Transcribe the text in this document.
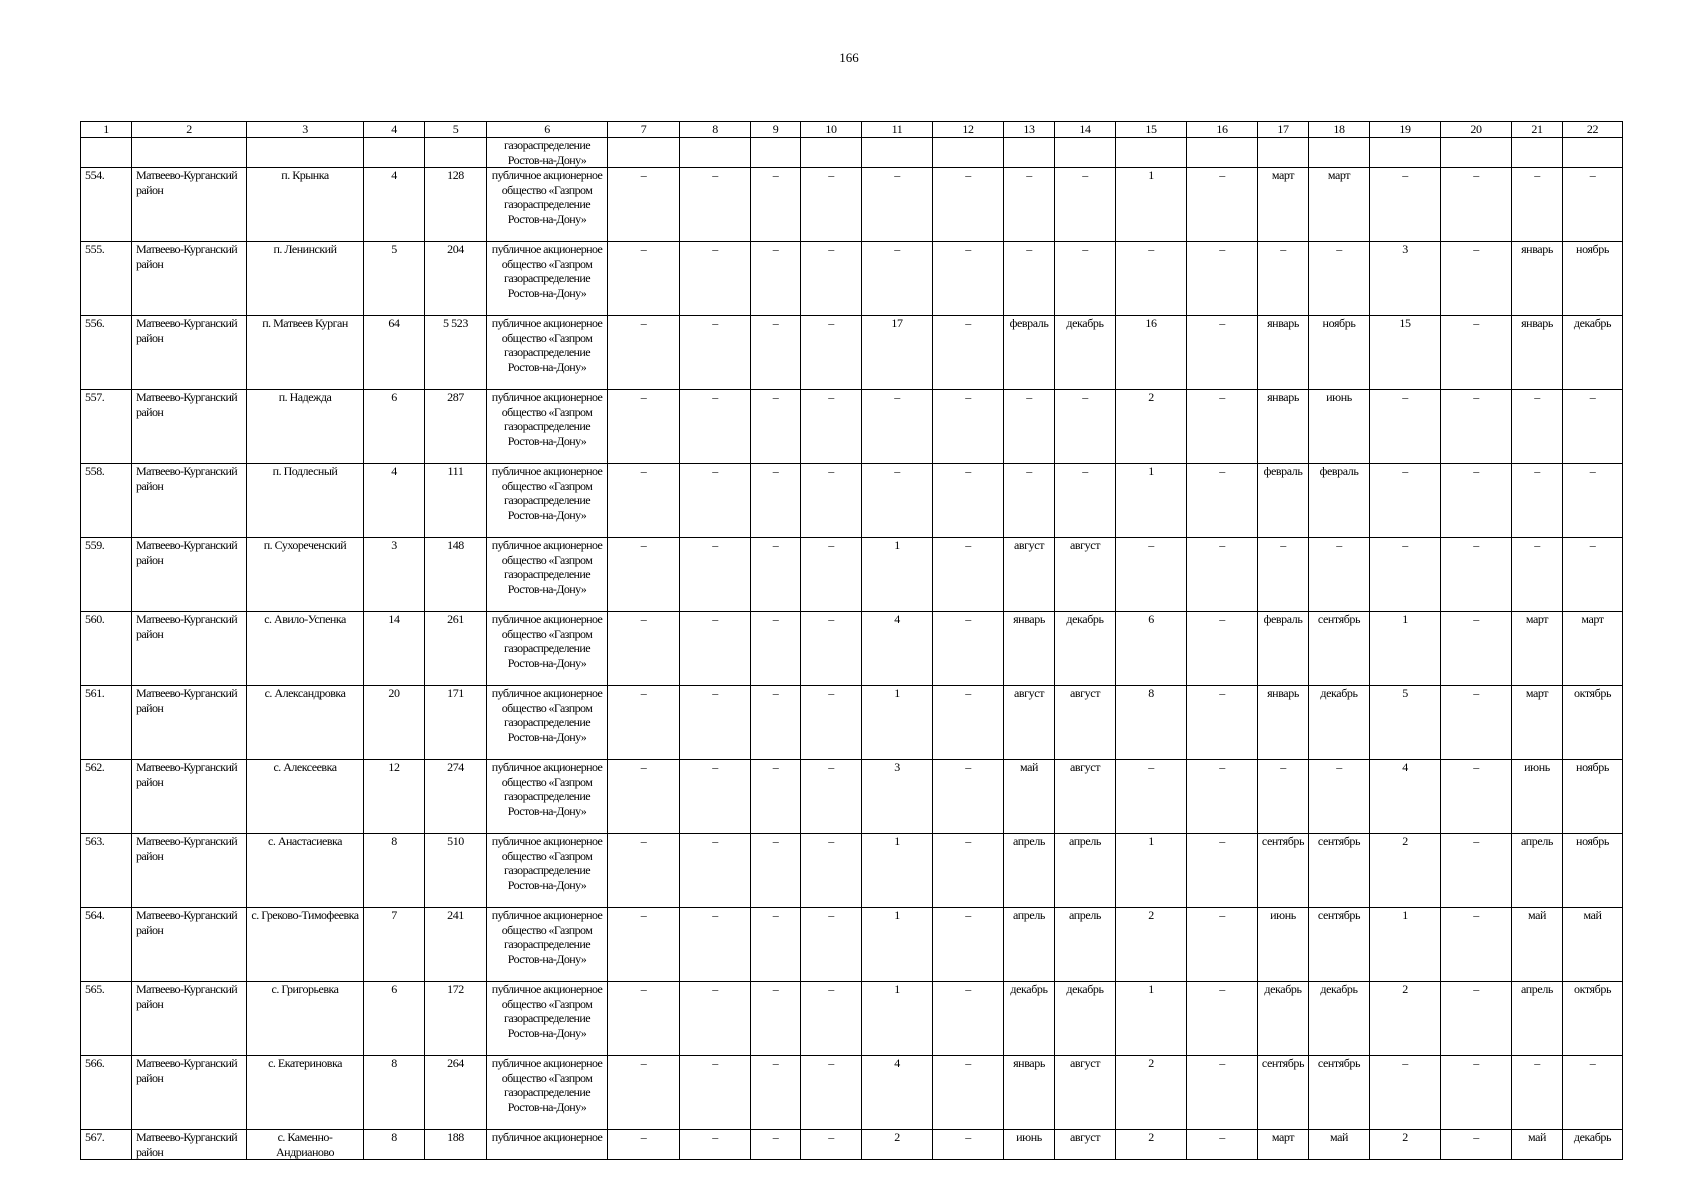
166
1	2	3	4	5	6	7	8	9	10	11	12	13	14	15	16	17	18	19	20	21	22
					газораспределение Ростов-на-Дону»																
554.	Матвеево-Курганский район	п. Крынка	4	128	публичное акционерное общество «Газпром газораспределение Ростов-на-Дону»	–	–	–	–	–	–	–	–	1	–	март	март	–	–	–	–
555.	Матвеево-Курганский район	п. Ленинский	5	204	публичное акционерное общество «Газпром газораспределение Ростов-на-Дону»	–	–	–	–	–	–	–	–	–	–	–	–	3	–	январь	ноябрь
556.	Матвеево-Курганский район	п. Матвеев Курган	64	5 523	публичное акционерное общество «Газпром газораспределение Ростов-на-Дону»	–	–	–	–	17	–	февраль	декабрь	16	–	январь	ноябрь	15	–	январь	декабрь
557.	Матвеево-Курганский район	п. Надежда	6	287	публичное акционерное общество «Газпром газораспределение Ростов-на-Дону»	–	–	–	–	–	–	–	–	2	–	январь	июнь	–	–	–	–
558.	Матвеево-Курганский район	п. Подлесный	4	111	публичное акционерное общество «Газпром газораспределение Ростов-на-Дону»	–	–	–	–	–	–	–	–	1	–	февраль	февраль	–	–	–	–
559.	Матвеево-Курганский район	п. Сухореченский	3	148	публичное акционерное общество «Газпром газораспределение Ростов-на-Дону»	–	–	–	–	1	–	август	август	–	–	–	–	–	–	–	–
560.	Матвеево-Курганский район	с. Авило-Успенка	14	261	публичное акционерное общество «Газпром газораспределение Ростов-на-Дону»	–	–	–	–	4	–	январь	декабрь	6	–	февраль	сентябрь	1	–	март	март
561.	Матвеево-Курганский район	с. Александровка	20	171	публичное акционерное общество «Газпром газораспределение Ростов-на-Дону»	–	–	–	–	1	–	август	август	8	–	январь	декабрь	5	–	март	октябрь
562.	Матвеево-Курганский район	с. Алексеевка	12	274	публичное акционерное общество «Газпром газораспределение Ростов-на-Дону»	–	–	–	–	3	–	май	август	–	–	–	–	4	–	июнь	ноябрь
563.	Матвеево-Курганский район	с. Анастасиевка	8	510	публичное акционерное общество «Газпром газораспределение Ростов-на-Дону»	–	–	–	–	1	–	апрель	апрель	1	–	сентябрь	сентябрь	2	–	апрель	ноябрь
564.	Матвеево-Курганский район	с. Греково-Тимофеевка	7	241	публичное акционерное общество «Газпром газораспределение Ростов-на-Дону»	–	–	–	–	1	–	апрель	апрель	2	–	июнь	сентябрь	1	–	май	май
565.	Матвеево-Курганский район	с. Григорьевка	6	172	публичное акционерное общество «Газпром газораспределение Ростов-на-Дону»	–	–	–	–	1	–	декабрь	декабрь	1	–	декабрь	декабрь	2	–	апрель	октябрь
566.	Матвеево-Курганский район	с. Екатериновка	8	264	публичное акционерное общество «Газпром газораспределение Ростов-на-Дону»	–	–	–	–	4	–	январь	август	2	–	сентябрь	сентябрь	–	–	–	–
567.	Матвеево-Курганский район	с. Каменно-Андрианово	8	188	публичное акционерное	–	–	–	–	2	–	июнь	август	2	–	март	май	2	–	май	декабрь
